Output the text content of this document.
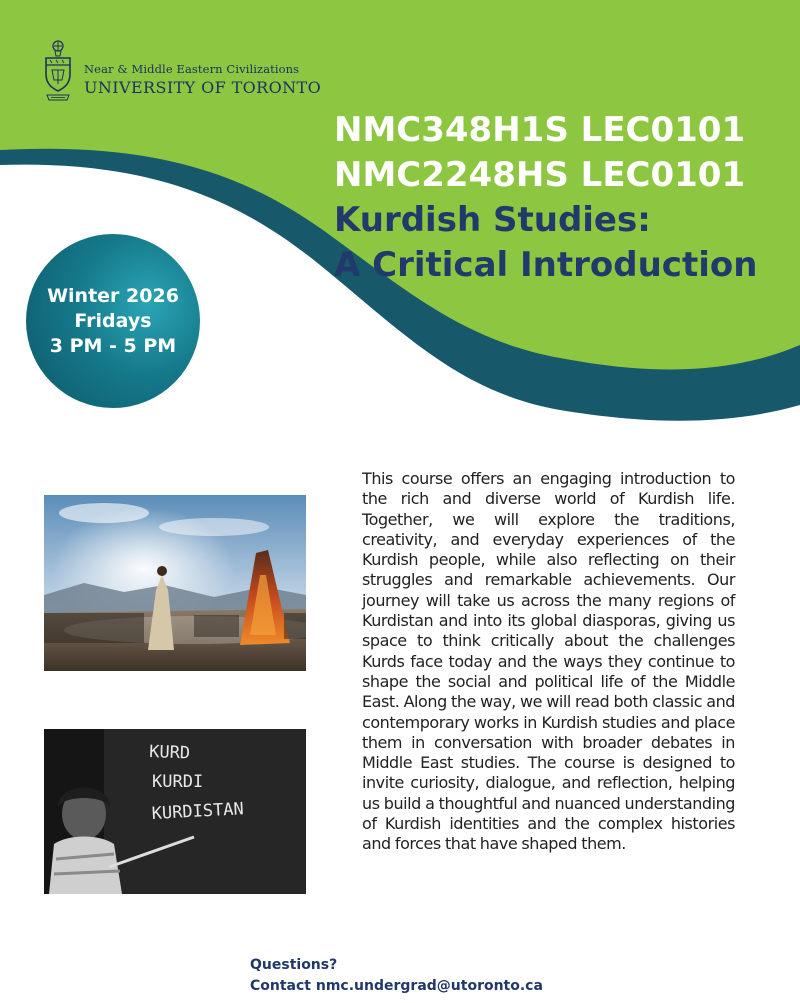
Near & Middle Eastern Civilizations
UNIVERSITY OF TORONTO
NMC348H1S LEC0101
NMC2248HS LEC0101
Kurdish Studies:
A Critical Introduction
Winter 2026
Fridays
3 PM - 5 PM
KURD
KURDI
KURDISTAN

This course offers an engaging introduction to the rich and diverse world of Kurdish life. Together, we will explore the traditions, creativity, and everyday experiences of the Kurdish people, while also reflecting on their struggles and remarkable achievements. Our journey will take us across the many regions of Kurdistan and into its global diasporas, giving us space to think critically about the challenges Kurds face today and the ways they continue to shape the social and political life of the Middle East. Along the way, we will read both classic and contemporary works in Kurdish studies and place them in conversation with broader debates in Middle East studies. The course is designed to invite curiosity, dialogue, and reflection, helping us build a thoughtful and nuanced understanding of Kurdish identities and the complex histories and forces that have shaped them.

Questions?
Contact nmc.undergrad@utoronto.ca
